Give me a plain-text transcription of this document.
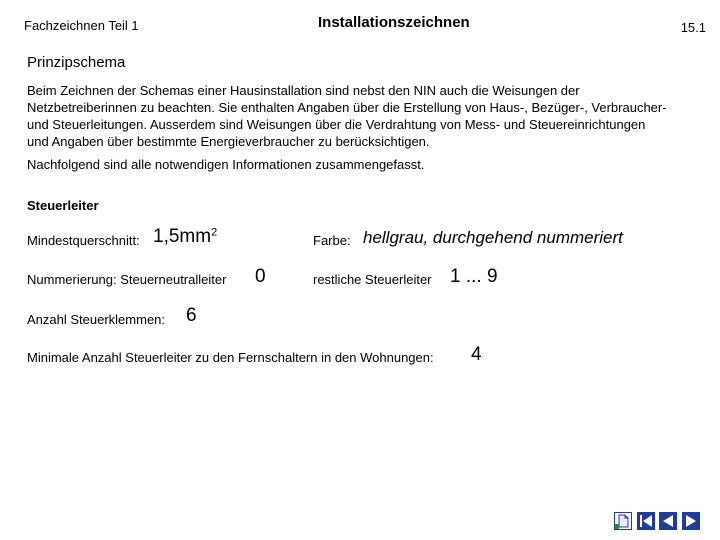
Fachzeichnen Teil 1	Installationszeichnen	15.1
Prinzipschema
Beim Zeichnen der Schemas einer Hausinstallation sind nebst den NIN auch die Weisungen der Netzbetreiberinnen zu beachten. Sie enthalten Angaben über die Erstellung von Haus-, Bezüger-, Verbraucher- und Steuerleitungen. Ausserdem sind Weisungen über die Verdrahtung von Mess- und Steuereinrichtungen und Angaben über bestimmte Energieverbraucher zu berücksichtigen.
Nachfolgend sind alle notwendigen Informationen zusammengefasst.
Steuerleiter
Mindestquerschnitt: $1,5mm^2$
Farbe: hellgrau, durchgehend nummeriert
Nummerierung: Steuerneutralleiter 0	restliche Steuerleiter 1 ... 9
Anzahl Steuerklemmen: 6
Minimale Anzahl Steuerleiter zu den Fernschaltern in den Wohnungen: 4
